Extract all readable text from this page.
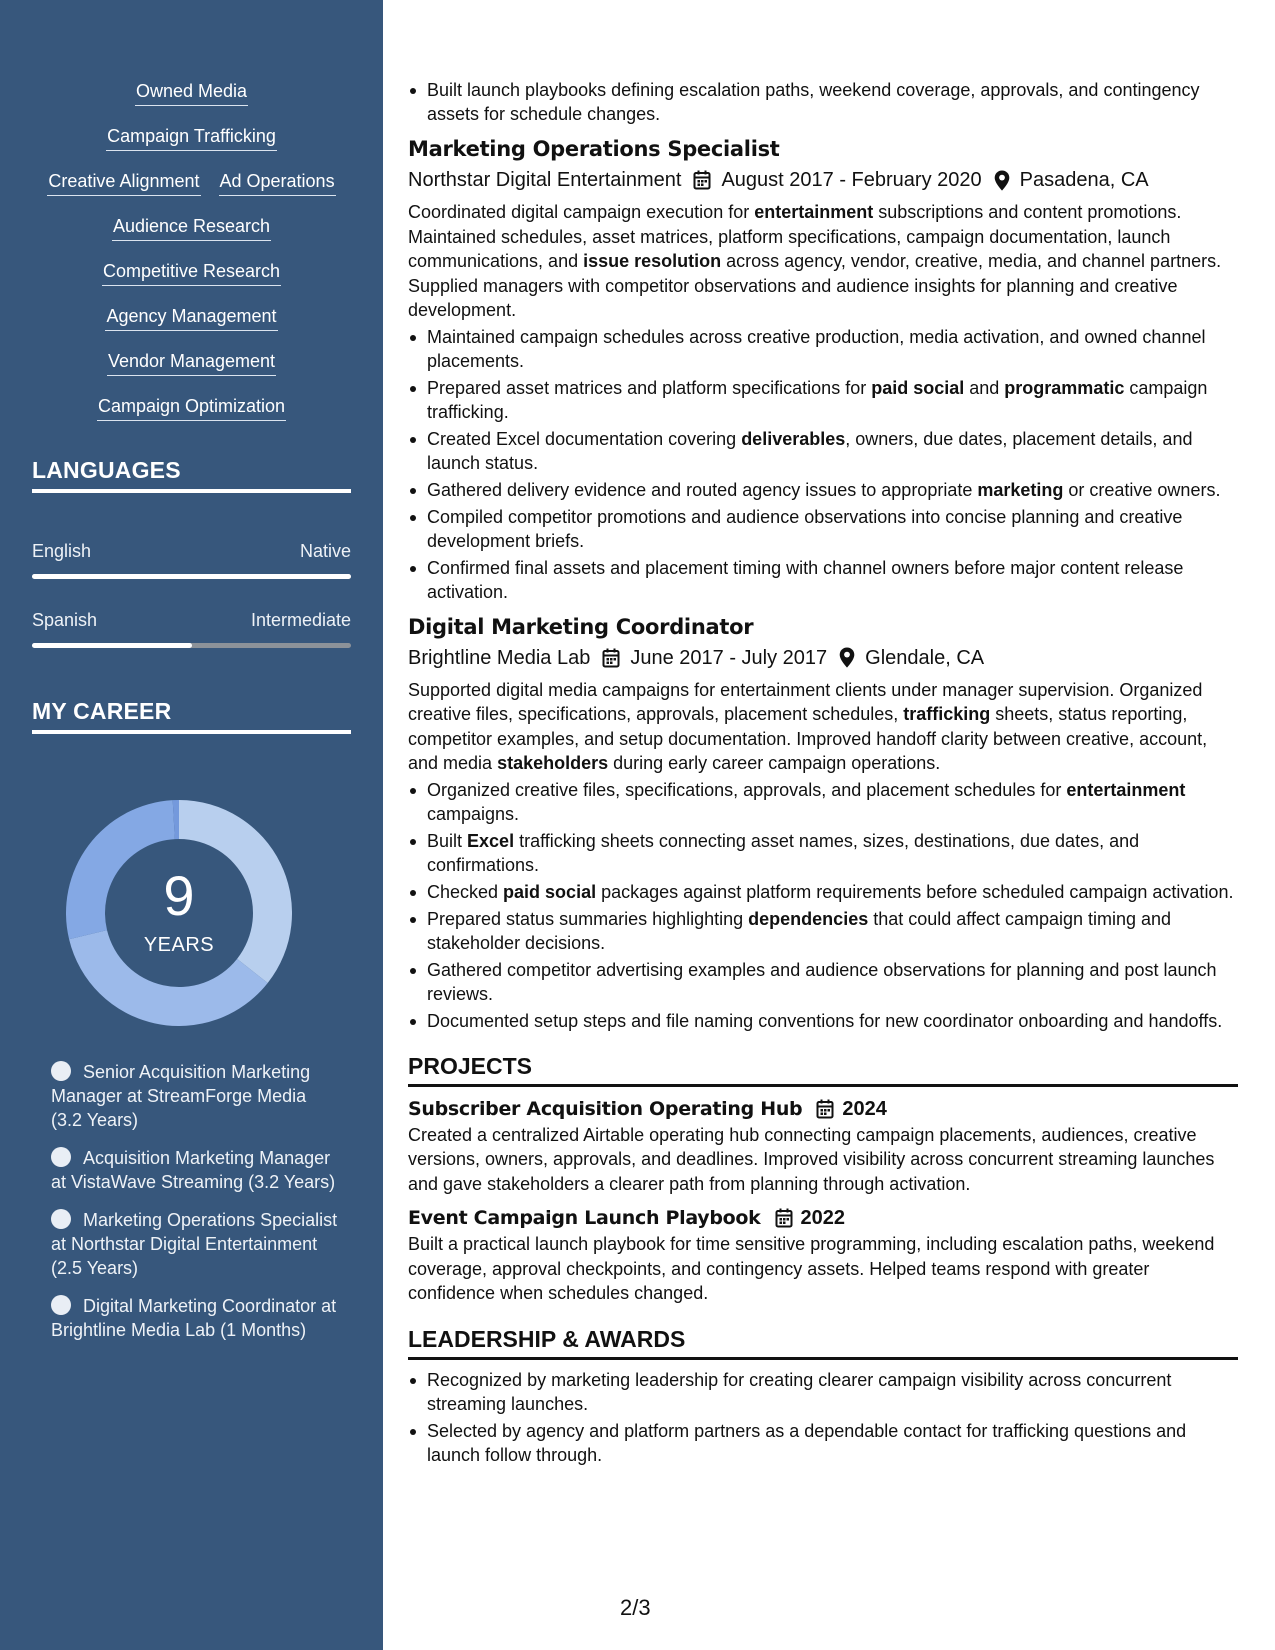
Owned Media
Campaign Trafficking
Creative Alignment Ad Operations
Audience Research
Competitive Research
Agency Management
Vendor Management
Campaign Optimization
LANGUAGES
English	Native
Spanish	Intermediate
MY CAREER
9
YEARS
Senior Acquisition Marketing Manager at StreamForge Media (3.2 Years)
Acquisition Marketing Manager at VistaWave Streaming (3.2 Years)
Marketing Operations Specialist at Northstar Digital Entertainment (2.5 Years)
Digital Marketing Coordinator at Brightline Media Lab (1 Months)
Built launch playbooks defining escalation paths, weekend coverage, approvals, and contingency assets for schedule changes.
Marketing Operations Specialist
Northstar Digital Entertainment August 2017 - February 2020 Pasadena, CA
Coordinated digital campaign execution for entertainment subscriptions and content promotions. Maintained schedules, asset matrices, platform specifications, campaign documentation, launch communications, and issue resolution across agency, vendor, creative, media, and channel partners. Supplied managers with competitor observations and audience insights for planning and creative development.
Maintained campaign schedules across creative production, media activation, and owned channel placements.
Prepared asset matrices and platform specifications for paid social and programmatic campaign trafficking.
Created Excel documentation covering deliverables, owners, due dates, placement details, and launch status.
Gathered delivery evidence and routed agency issues to appropriate marketing or creative owners.
Compiled competitor promotions and audience observations into concise planning and creative development briefs.
Confirmed final assets and placement timing with channel owners before major content release activation.
Digital Marketing Coordinator
Brightline Media Lab June 2017 - July 2017 Glendale, CA
Supported digital media campaigns for entertainment clients under manager supervision. Organized creative files, specifications, approvals, placement schedules, trafficking sheets, status reporting, competitor examples, and setup documentation. Improved handoff clarity between creative, account, and media stakeholders during early career campaign operations.
Organized creative files, specifications, approvals, and placement schedules for entertainment campaigns.
Built Excel trafficking sheets connecting asset names, sizes, destinations, due dates, and confirmations.
Checked paid social packages against platform requirements before scheduled campaign activation.
Prepared status summaries highlighting dependencies that could affect campaign timing and stakeholder decisions.
Gathered competitor advertising examples and audience observations for planning and post launch reviews.
Documented setup steps and file naming conventions for new coordinator onboarding and handoffs.
PROJECTS
Subscriber Acquisition Operating Hub 2024
Created a centralized Airtable operating hub connecting campaign placements, audiences, creative versions, owners, approvals, and deadlines. Improved visibility across concurrent streaming launches and gave stakeholders a clearer path from planning through activation.
Event Campaign Launch Playbook 2022
Built a practical launch playbook for time sensitive programming, including escalation paths, weekend coverage, approval checkpoints, and contingency assets. Helped teams respond with greater confidence when schedules changed.
LEADERSHIP & AWARDS
Recognized by marketing leadership for creating clearer campaign visibility across concurrent streaming launches.
Selected by agency and platform partners as a dependable contact for trafficking questions and launch follow through.
2/3
